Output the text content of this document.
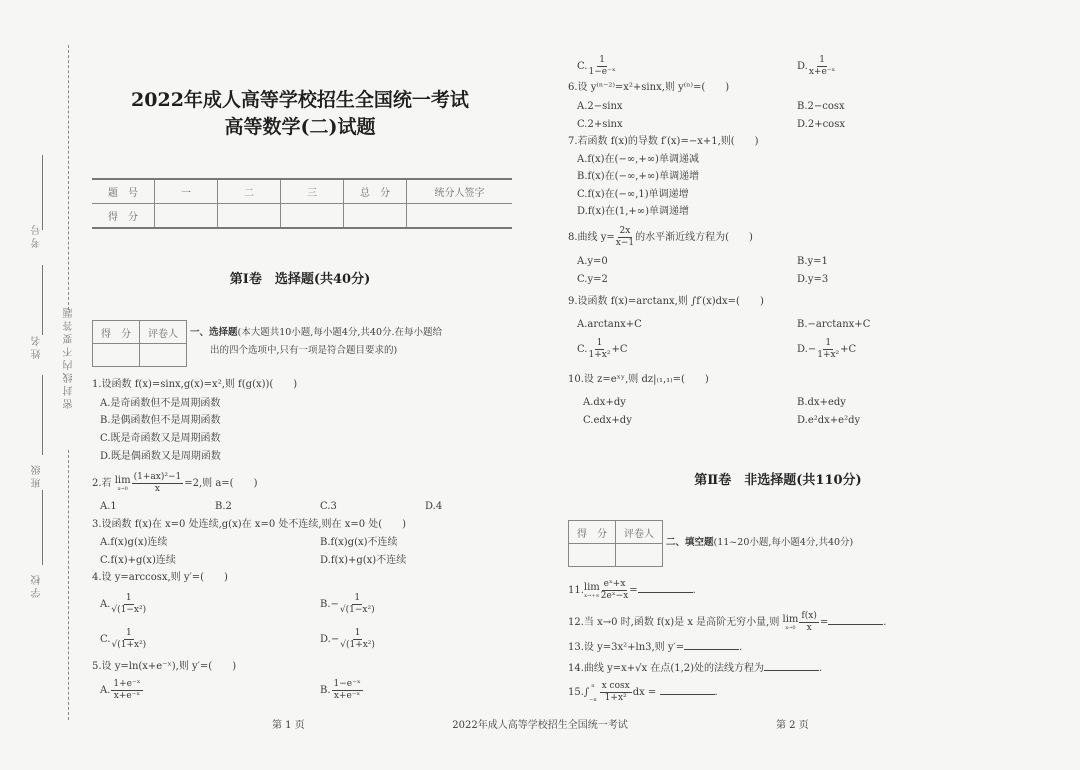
密封线内不要答题
考号
姓名
班级
学校
2022年成人高等学校招生全国统一考试
高等数学(二)试题
题　号	一	二	三	总　分	统分人签字
得　分					
第Ⅰ卷　选择题(共40分)
得　分	评卷人
	一、选择题(本大题共10小题,每小题4分,共40分.在每小题给
出的四个选项中,只有一项是符合题目要求的)
1.设函数 f(x)=sinx,g(x)=x²,则 f(g(x))(　　)
A.是奇函数但不是周期函数
B.是偶函数但不是周期函数
C.既是奇函数又是周期函数
D.既是偶函数又是周期函数
2.若 lim
$x\to 0 \frac{\text{(1+ax)²−1}}{x} =2$,则 a=(　　)
A.1	B.2	C.3	D.4
3.设函数 f(x)在 x=0 处连续,g(x)在 x=0 处不连续,则在 x=0 处(　　)
A.f(x)g(x)连续	B.f(x)g(x)不连续
C.f(x)+g(x)连续	D.f(x)+g(x)不连续
4.设 y=arccosx,则 y′=(　　)
A. $\frac{1}{\text{√(1−x²)}}$	$B.- \frac{1}{\text{√(1−x²)}}$
C. $\frac{1}{\text{√(1+x²)}}$	$D.- \frac{1}{\text{√(1+x²)}}$
5.设 y=ln(x+e⁻ˣ),则 y′=(　　)
A. $\frac{\text{1+e⁻ˣ}}{\text{x+e⁻ˣ}}$	B. $\frac{\text{1−e⁻ˣ}}{\text{x+e⁻ˣ}}$
C. $\frac{1}{\text{1−e⁻ˣ}}$	D. $\frac{1}{\text{x+e⁻ˣ}}$
6.设 y⁽ⁿ⁻²⁾=x²+sinx,则 y⁽ⁿ⁾=(　　)
A.2−sinx	B.2−cosx
C.2+sinx	D.2+cosx
7.若函数 f(x)的导数 f′(x)=−x+1,则(　　)
A.f(x)在(−∞,+∞)单调递减
B.f(x)在(−∞,+∞)单调递增
C.f(x)在(−∞,1)单调递增
D.f(x)在(1,+∞)单调递增
8.曲线 $y= \frac{2x}{x-1}$ 的水平渐近线方程为(　　)
A.y=0	B.y=1
C.y=2	D.y=3
9.设函数 f(x)=arctanx,则 ∫f′(x)dx=(　　)
A.arctanx+C	B.−arctanx+C
C. $\frac{1}{\text{1+x²}} +C$	$D.- \frac{1}{\text{1+x²}} +C$
10.设 z=eˣʸ,则 dz|₍₁,₁₎=(　　)
A.dx+dy	B.dx+edy
C.edx+dy	D.e²dx+e²dy
第Ⅱ卷　非选择题(共110分)
得　分	评卷人

二、填空题(11~20小题,每小题4分,共40分)
11. lim
$x\to+\infty \frac{\text{eˣ+x}}{\text{2eˣ−x}}$ =	.
12.当 x→0 时,函数 f(x)是 x 是高阶无穷小量,则 lim
$x\to 0 \frac{f(x)}{x}$ =	.
13.设 y=3x²+ln3,则 y′=	.
14.曲线 y=x+√x 在点(1,2)处的法线方程为	.
15.∫
π
$-\pi \frac{\text{x cosx}}{\text{1+x²}}$ dx =	.
第 1 页	2022年成人高等学校招生全国统一考试	第 2 页
